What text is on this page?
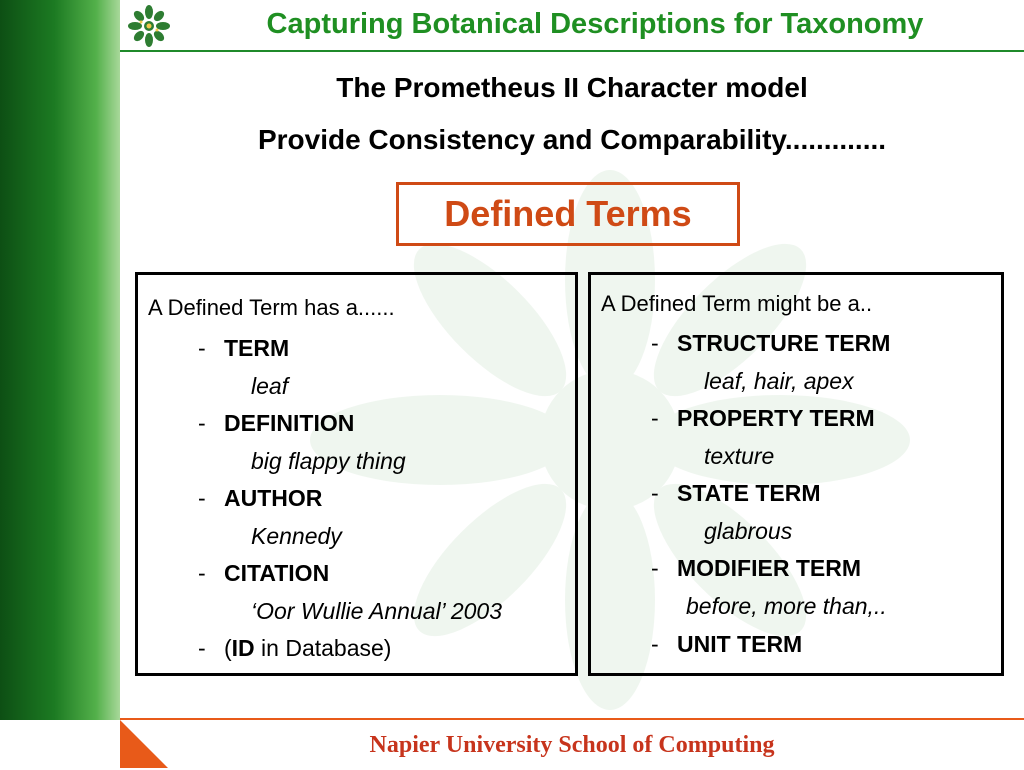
Capturing Botanical Descriptions for Taxonomy
The Prometheus II Character model
Provide Consistency and Comparability.............
Defined Terms
A Defined Term has a......
- TERM
leaf
- DEFINITION
big flappy thing
- AUTHOR
Kennedy
- CITATION
‘Oor Wullie Annual’ 2003
- (ID in Database)
A Defined Term might be a..
- STRUCTURE TERM
leaf, hair, apex
- PROPERTY TERM
texture
- STATE TERM
glabrous
- MODIFIER TERM
before, more than,..
- UNIT TERM
Napier University School of Computing
